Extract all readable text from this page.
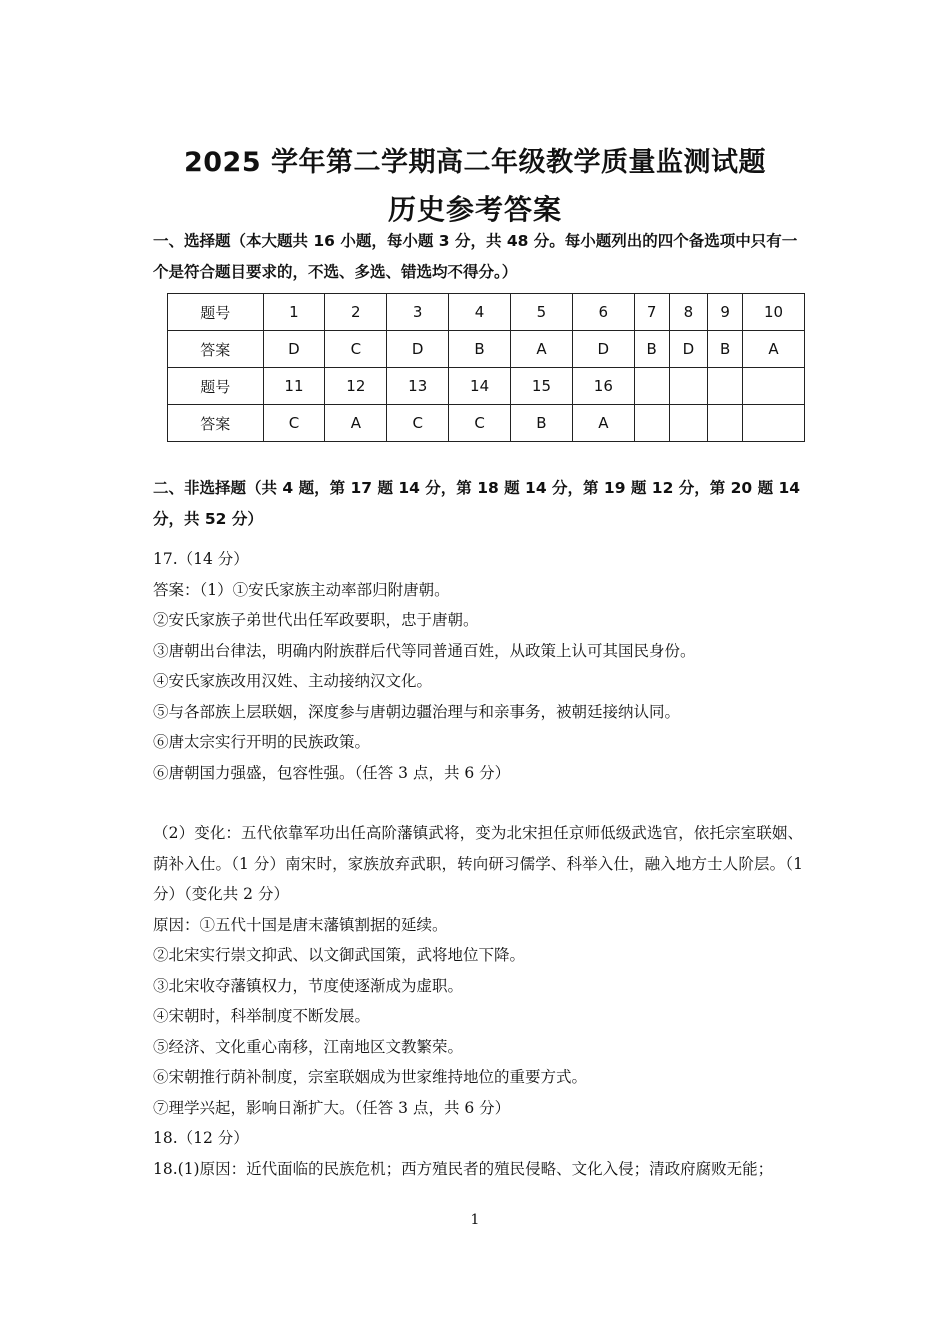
2025 学年第二学期高二年级教学质量监测试题
历史参考答案
一、选择题（本大题共 16 小题，每小题 3 分，共 48 分。每小题列出的四个备选项中只有一个是符合题目要求的，不选、多选、错选均不得分。）
题号	1	2	3	4	5	6	7	8	9	10
答案	D	C	D	B	A	D	B	D	B	A
题号	11	12	13	14	15	16				
答案	C	A	C	C	B	A				
二、非选择题（共 4 题，第 17 题 14 分，第 18 题 14 分，第 19 题 12 分，第 20 题 14 分，共 52 分）
17.（14 分）
答案：（1）①安氏家族主动率部归附唐朝。
②安氏家族子弟世代出任军政要职，忠于唐朝。
③唐朝出台律法，明确内附族群后代等同普通百姓，从政策上认可其国民身份。
④安氏家族改用汉姓、主动接纳汉文化。
⑤与各部族上层联姻，深度参与唐朝边疆治理与和亲事务，被朝廷接纳认同。
⑥唐太宗实行开明的民族政策。
⑥唐朝国力强盛，包容性强。（任答 3 点，共 6 分）
（2）变化：五代依靠军功出任高阶藩镇武将，变为北宋担任京师低级武选官，依托宗室联姻、荫补入仕。（1 分）南宋时，家族放弃武职，转向研习儒学、科举入仕，融入地方士人阶层。（1 分）（变化共 2 分）
原因：①五代十国是唐末藩镇割据的延续。
②北宋实行崇文抑武、以文御武国策，武将地位下降。
③北宋收夺藩镇权力，节度使逐渐成为虚职。
④宋朝时，科举制度不断发展。
⑤经济、文化重心南移，江南地区文教繁荣。
⑥宋朝推行荫补制度，宗室联姻成为世家维持地位的重要方式。
⑦理学兴起，影响日渐扩大。（任答 3 点，共 6 分）
18.（12 分）
18.(1)原因：近代面临的民族危机；西方殖民者的殖民侵略、文化入侵；清政府腐败无能；
1
